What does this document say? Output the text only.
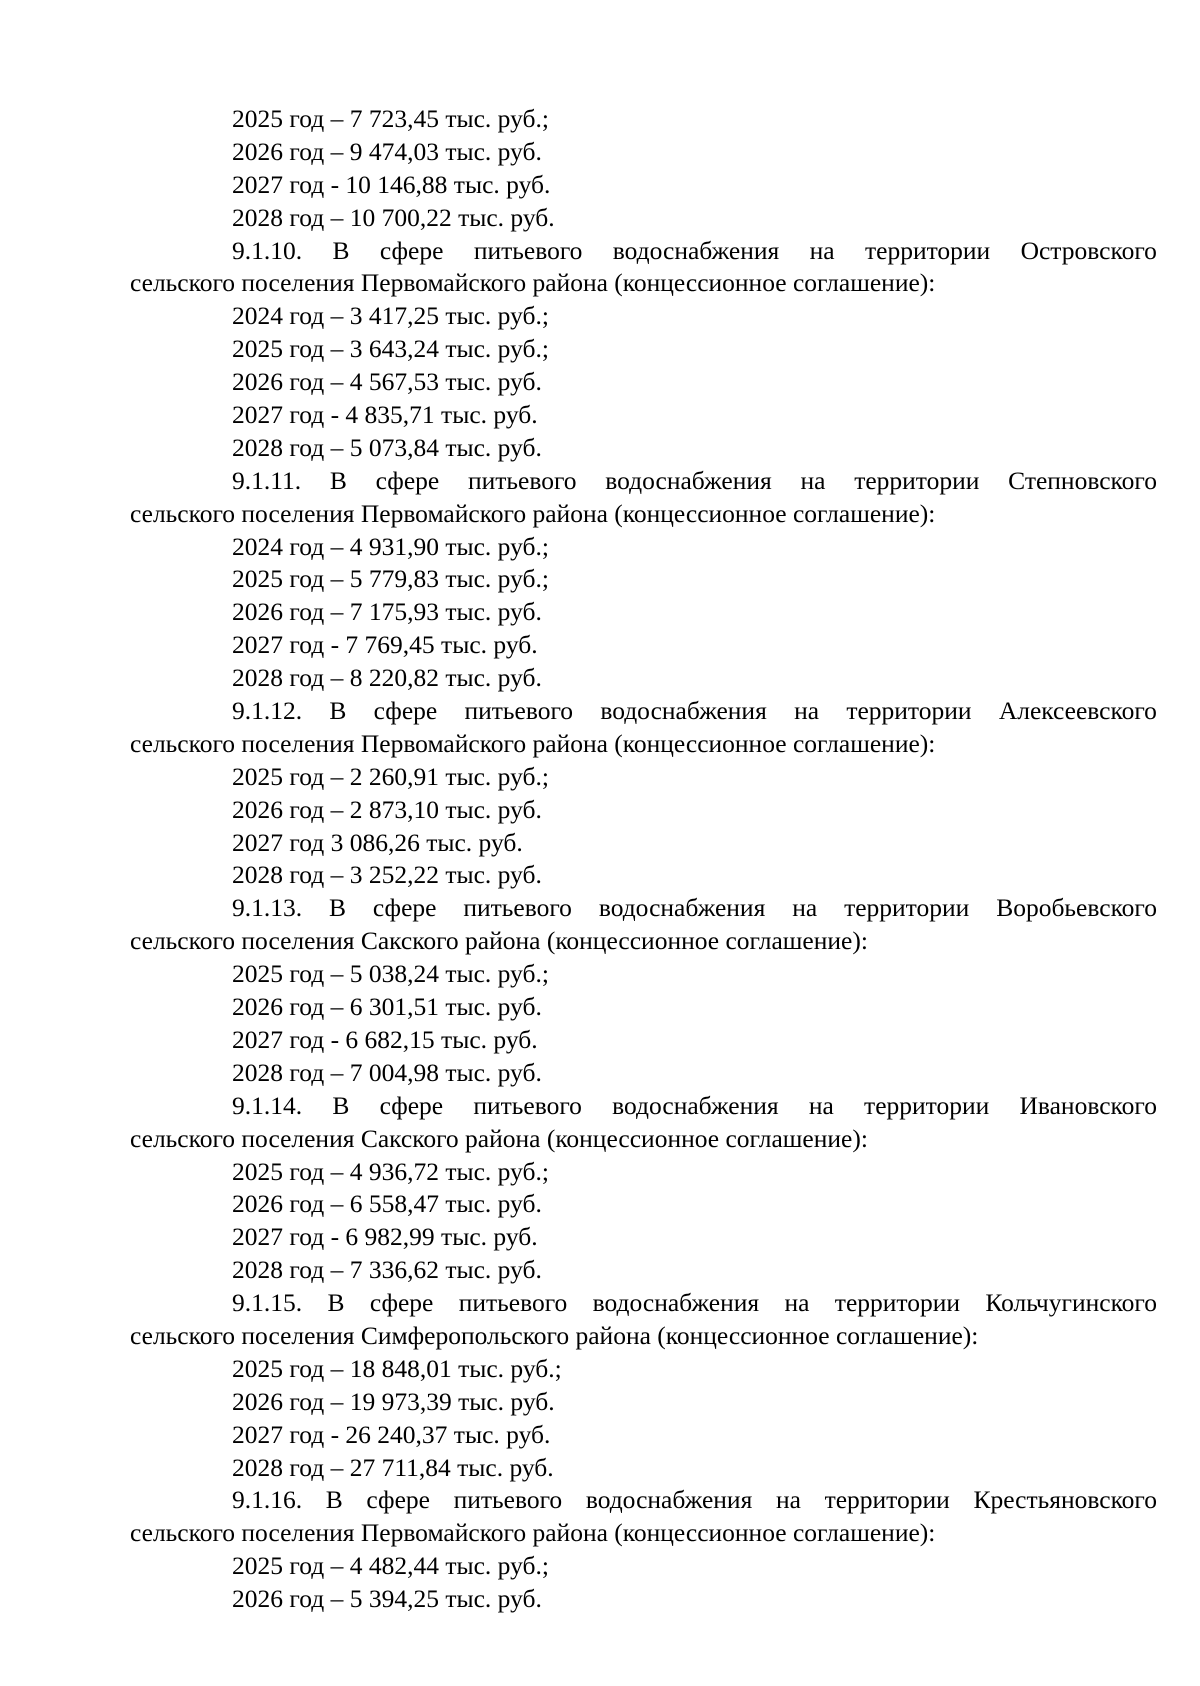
2025 год – 7 723,45 тыс. руб.;
2026 год – 9 474,03 тыс. руб.
2027 год - 10 146,88 тыс. руб.
2028 год – 10 700,22 тыс. руб.
9.1.10. В сфере питьевого водоснабжения на территории Островского
сельского поселения Первомайского района (концессионное соглашение):
2024 год – 3 417,25 тыс. руб.;
2025 год – 3 643,24 тыс. руб.;
2026 год – 4 567,53 тыс. руб.
2027 год - 4 835,71 тыс. руб.
2028 год – 5 073,84 тыс. руб.
9.1.11. В сфере питьевого водоснабжения на территории Степновского
сельского поселения Первомайского района (концессионное соглашение):
2024 год – 4 931,90 тыс. руб.;
2025 год – 5 779,83 тыс. руб.;
2026 год – 7 175,93 тыс. руб.
2027 год - 7 769,45 тыс. руб.
2028 год – 8 220,82 тыс. руб.
9.1.12. В сфере питьевого водоснабжения на территории Алексеевского
сельского поселения Первомайского района (концессионное соглашение):
2025 год – 2 260,91 тыс. руб.;
2026 год – 2 873,10 тыс. руб.
2027 год 3 086,26 тыс. руб.
2028 год – 3 252,22 тыс. руб.
9.1.13. В сфере питьевого водоснабжения на территории Воробьевского
сельского поселения Сакского района (концессионное соглашение):
2025 год – 5 038,24 тыс. руб.;
2026 год – 6 301,51 тыс. руб.
2027 год - 6 682,15 тыс. руб.
2028 год – 7 004,98 тыс. руб.
9.1.14. В сфере питьевого водоснабжения на территории Ивановского
сельского поселения Сакского района (концессионное соглашение):
2025 год – 4 936,72 тыс. руб.;
2026 год – 6 558,47 тыс. руб.
2027 год - 6 982,99 тыс. руб.
2028 год – 7 336,62 тыс. руб.
9.1.15. В сфере питьевого водоснабжения на территории Кольчугинского
сельского поселения Симферопольского района (концессионное соглашение):
2025 год – 18 848,01 тыс. руб.;
2026 год – 19 973,39 тыс. руб.
2027 год - 26 240,37 тыс. руб.
2028 год – 27 711,84 тыс. руб.
9.1.16. В сфере питьевого водоснабжения на территории Крестьяновского
сельского поселения Первомайского района (концессионное соглашение):
2025 год – 4 482,44 тыс. руб.;
2026 год – 5 394,25 тыс. руб.
